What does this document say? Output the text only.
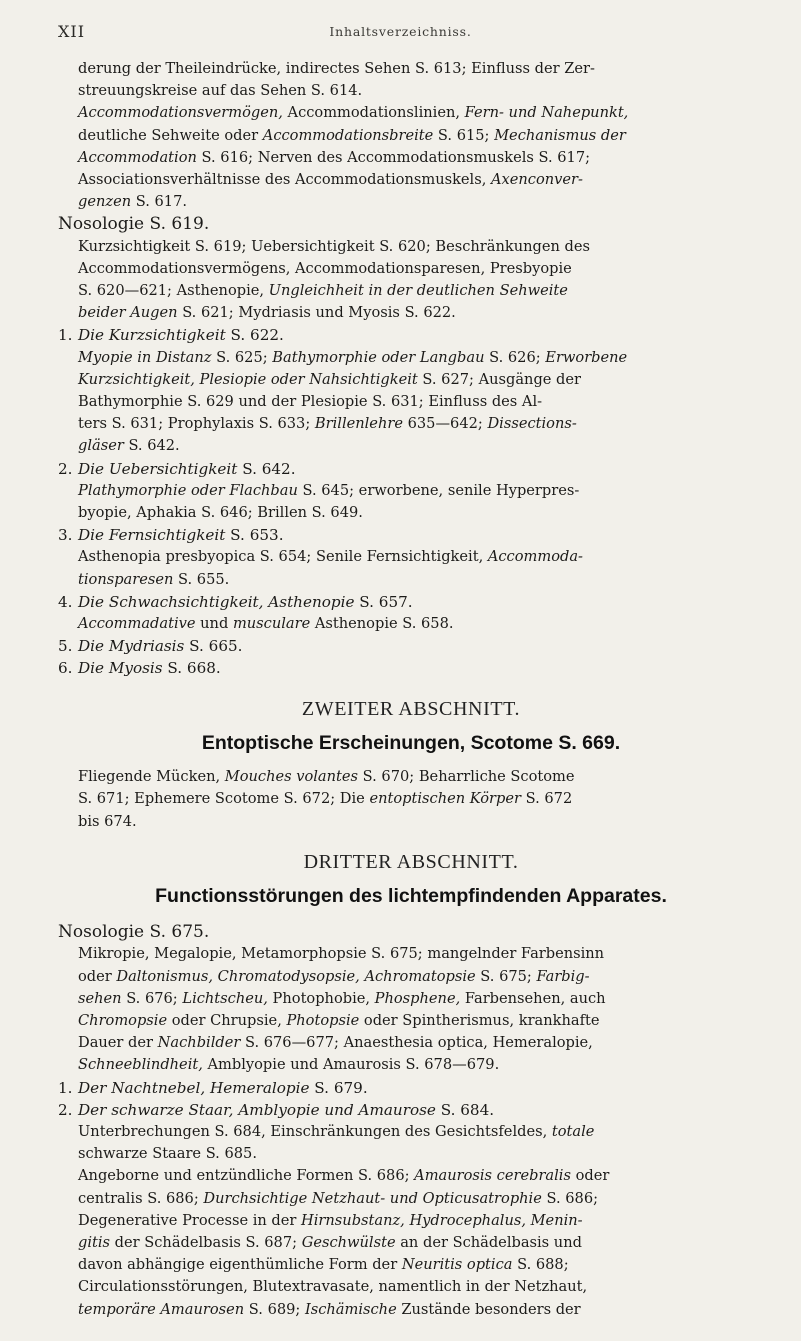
XII	Inhaltsverzeichniss.

derung der Theileindrücke, indirectes Sehen S. 613; Einfluss der Zer-

streuungskreise auf das Sehen S. 614.

Accommodationsvermögen, Accommodationslinien, Fern- und Nahepunkt,

deutliche Sehweite oder Accommodationsbreite S. 615; Mechanismus der

Accommodation S. 616; Nerven des Accommodationsmuskels S. 617;

Associationsverhältnisse des Accommodationsmuskels, Axenconver-

genzen S. 617.

Nosologie S. 619.

Kurzsichtigkeit S. 619; Uebersichtigkeit S. 620; Beschränkungen des

Accommodationsvermögens, Accommodationsparesen, Presbyopie

S. 620—621; Asthenopie, Ungleichheit in der deutlichen Sehweite

beider Augen S. 621; Mydriasis und Myosis S. 622.

1. Die Kurzsichtigkeit S. 622.

Myopie in Distanz S. 625; Bathymorphie oder Langbau S. 626; Erworbene

Kurzsichtigkeit, Plesiopie oder Nahsichtigkeit S. 627; Ausgänge der

Bathymorphie S. 629 und der Plesiopie S. 631; Einfluss des Al-

ters S. 631; Prophylaxis S. 633; Brillenlehre 635—642; Dissections-

gläser S. 642.

2. Die Uebersichtigkeit S. 642.

Plathymorphie oder Flachbau S. 645; erworbene, senile Hyperpres-

byopie, Aphakia S. 646; Brillen S. 649.

3. Die Fernsichtigkeit S. 653.

Asthenopia presbyopica S. 654; Senile Fernsichtigkeit, Accommoda-

tionsparesen S. 655.

4. Die Schwachsichtigkeit, Asthenopie S. 657.

Accommadative und musculare Asthenopie S. 658.

5. Die Mydriasis S. 665.

6. Die Myosis S. 668.

ZWEITER ABSCHNITT.

Entoptische Erscheinungen, Scotome S. 669.

Fliegende Mücken, Mouches volantes S. 670; Beharrliche Scotome

S. 671; Ephemere Scotome S. 672; Die entoptischen Körper S. 672

bis 674.

DRITTER ABSCHNITT.

Functionsstörungen des lichtempfindenden Apparates.

Nosologie S. 675.

Mikropie, Megalopie, Metamorphopsie S. 675; mangelnder Farbensinn

oder Daltonismus, Chromatodysopsie, Achromatopsie S. 675; Farbig-

sehen S. 676; Lichtscheu, Photophobie, Phosphene, Farbensehen, auch

Chromopsie oder Chrupsie, Photopsie oder Spintherismus, krankhafte

Dauer der Nachbilder S. 676—677; Anaesthesia optica, Hemeralopie,

Schneeblindheit, Amblyopie und Amaurosis S. 678—679.

1. Der Nachtnebel, Hemeralopie S. 679.

2. Der schwarze Staar, Amblyopie und Amaurose S. 684.

Unterbrechungen S. 684, Einschränkungen des Gesichtsfeldes, totale

schwarze Staare S. 685.

Angeborne und entzündliche Formen S. 686; Amaurosis cerebralis oder

centralis S. 686; Durchsichtige Netzhaut- und Opticusatrophie S. 686;

Degenerative Processe in der Hirnsubstanz, Hydrocephalus, Menin-

gitis der Schädelbasis S. 687; Geschwülste an der Schädelbasis und

davon abhängige eigenthümliche Form der Neuritis optica S. 688;

Circulationsstörungen, Blutextravasate, namentlich in der Netzhaut,

temporäre Amaurosen S. 689; Ischämische Zustände besonders der
